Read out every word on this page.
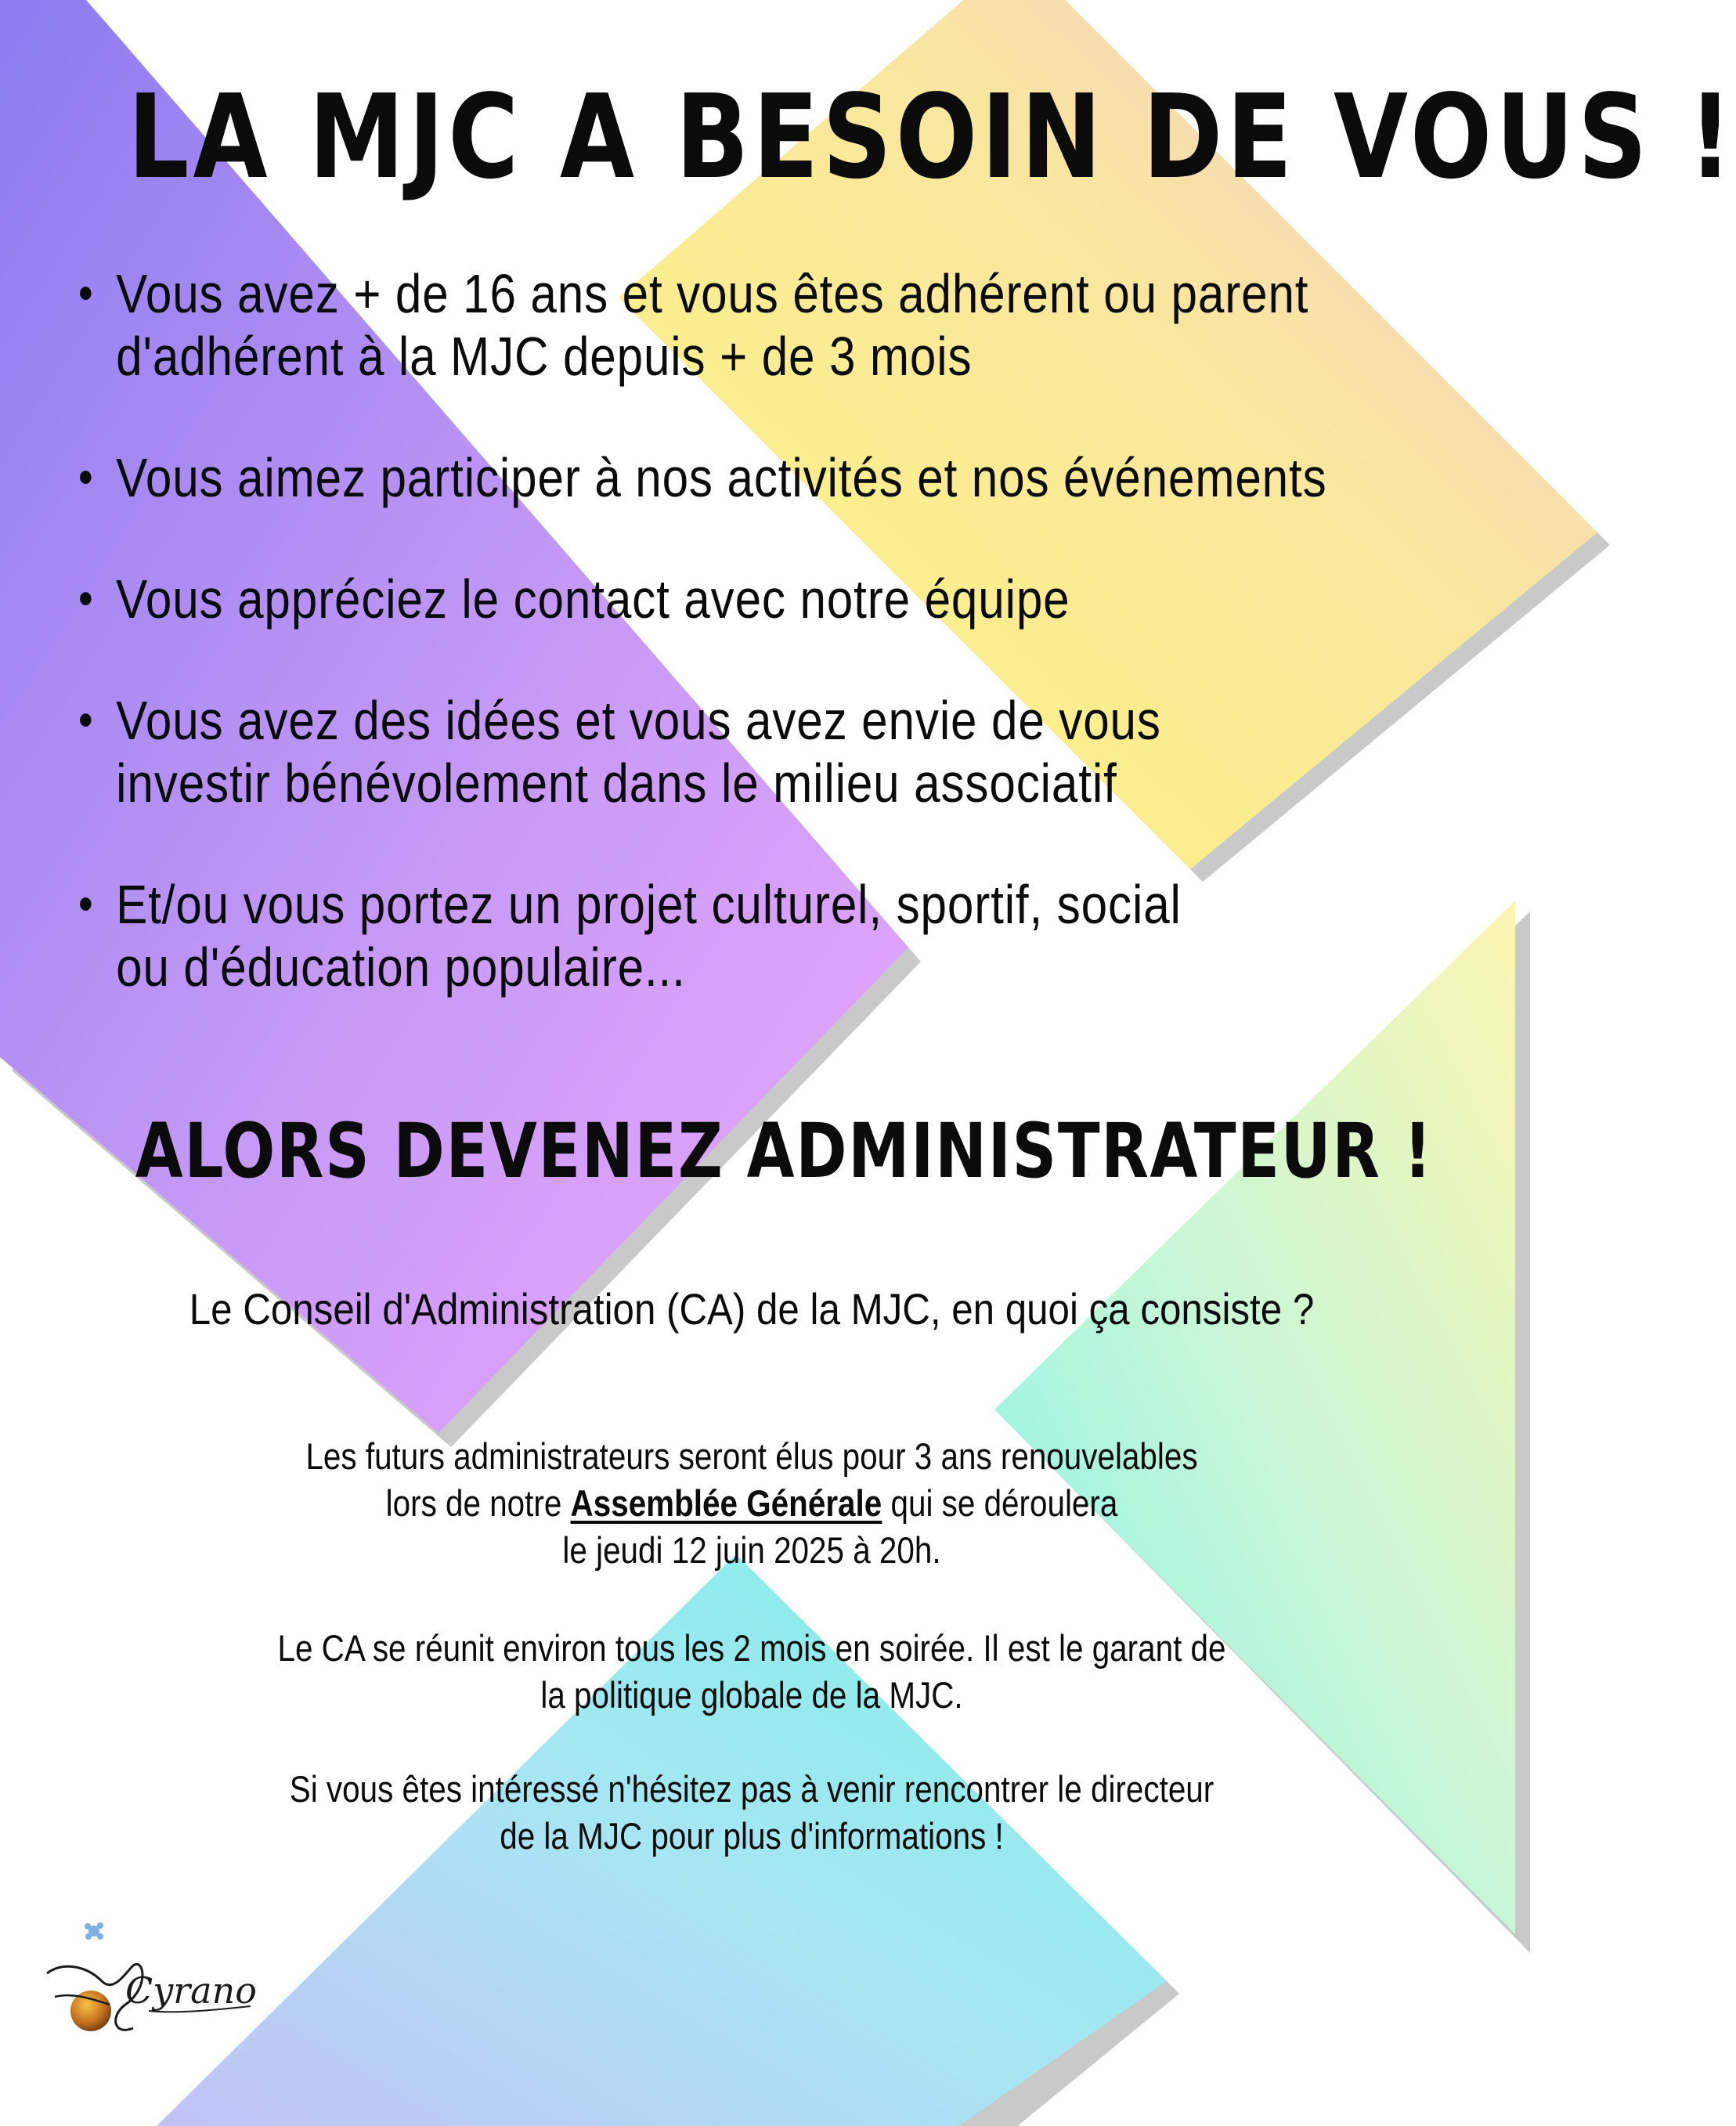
LA MJC A BESOIN DE VOUS !
• Vous avez + de 16 ans et vous êtes adhérent ou parent
d'adhérent à la MJC depuis + de 3 mois
• Vous aimez participer à nos activités et nos événements
• Vous appréciez le contact avec notre équipe
• Vous avez des idées et vous avez envie de vous
investir bénévolement dans le milieu associatif
• Et/ou vous portez un projet culturel, sportif, social
ou d'éducation populaire...
ALORS DEVENEZ ADMINISTRATEUR !

Le Conseil d'Administration (CA) de la MJC, en quoi ça consiste ?

Les futurs administrateurs seront élus pour 3 ans renouvelables
lors de notre Assemblée Générale qui se déroulera
le jeudi 12 juin 2025 à 20h.

Le CA se réunit environ tous les 2 mois en soirée. Il est le garant de
la politique globale de la MJC.

Si vous êtes intéressé n'hésitez pas à venir rencontrer le directeur
de la MJC pour plus d'informations !

Cyrano
